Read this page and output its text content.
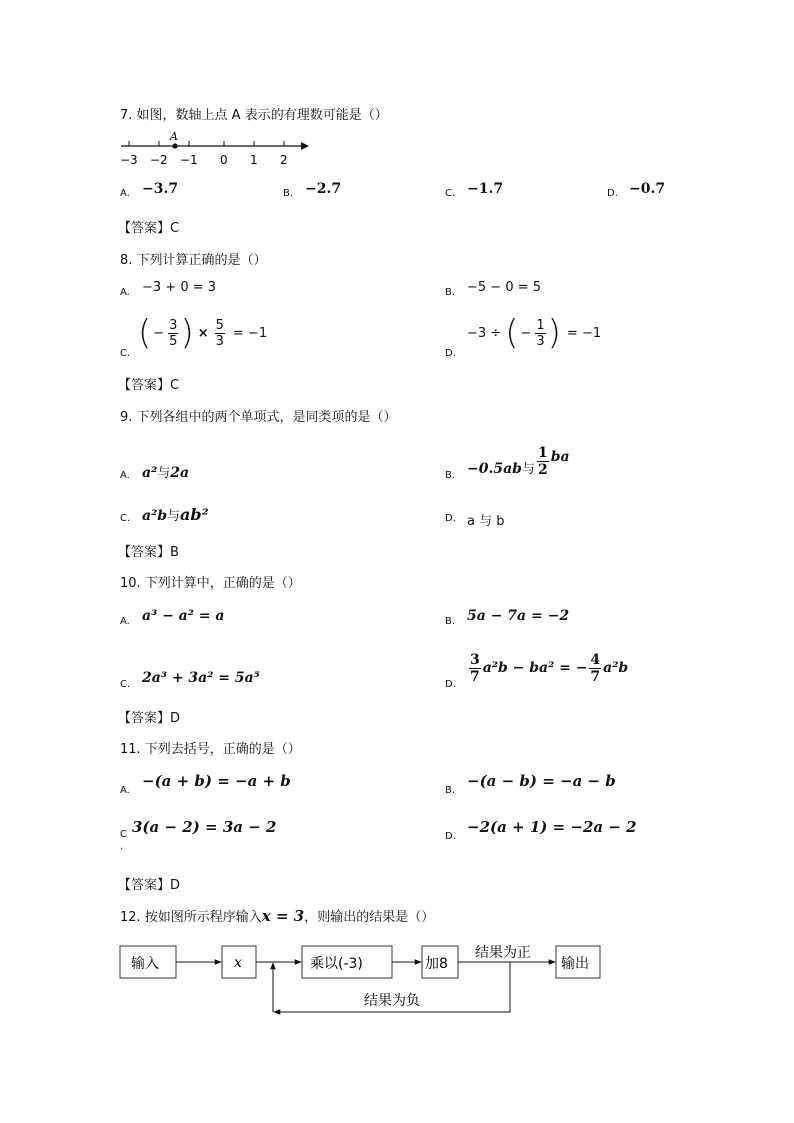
7. 如图，数轴上点 A 表示的有理数可能是（）
A
−3 −2 −1 0 1 2
A. −3.7	B. −2.7	C. −1.7	D. −0.7
【答案】C
8. 下列计算正确的是（）
A. −3 + 0 = 3	B. −5 − 0 = 5
C.
( − $\frac{3}{5}$ ) × $\frac{5}{3} = -1$
D.
−3 ÷ ( − $\frac{1}{3}$ ) = −1
【答案】C
9. 下列各组中的两个单项式，是同类项的是（）
A. a²与2a	B. −0.5ab 与 $\frac{1}{2}$ ba
C. a²b与ab²	D. a 与 b
【答案】B
10. 下列计算中，正确的是（）
A. a³ − a² = a	B. 5a − 7a = −2
C. 2a³ + 3a² = 5a⁵	D.
$\frac{3}{7} a^2b - ba^2$ = − $\frac{4}{7} a^2b$
【答案】D
11. 下列去括号，正确的是（）
A.
−(a + b) = −a + b
B.
−(a − b) = −a − b
C
.
3(a − 2) = 3a − 2
D.
−2(a + 1) = −2a − 2
【答案】D
12. 按如图所示程序输入x = 3，则输出的结果是（）
输入	x	乘以(-3)	加8	输出
结果为正
结果为负
